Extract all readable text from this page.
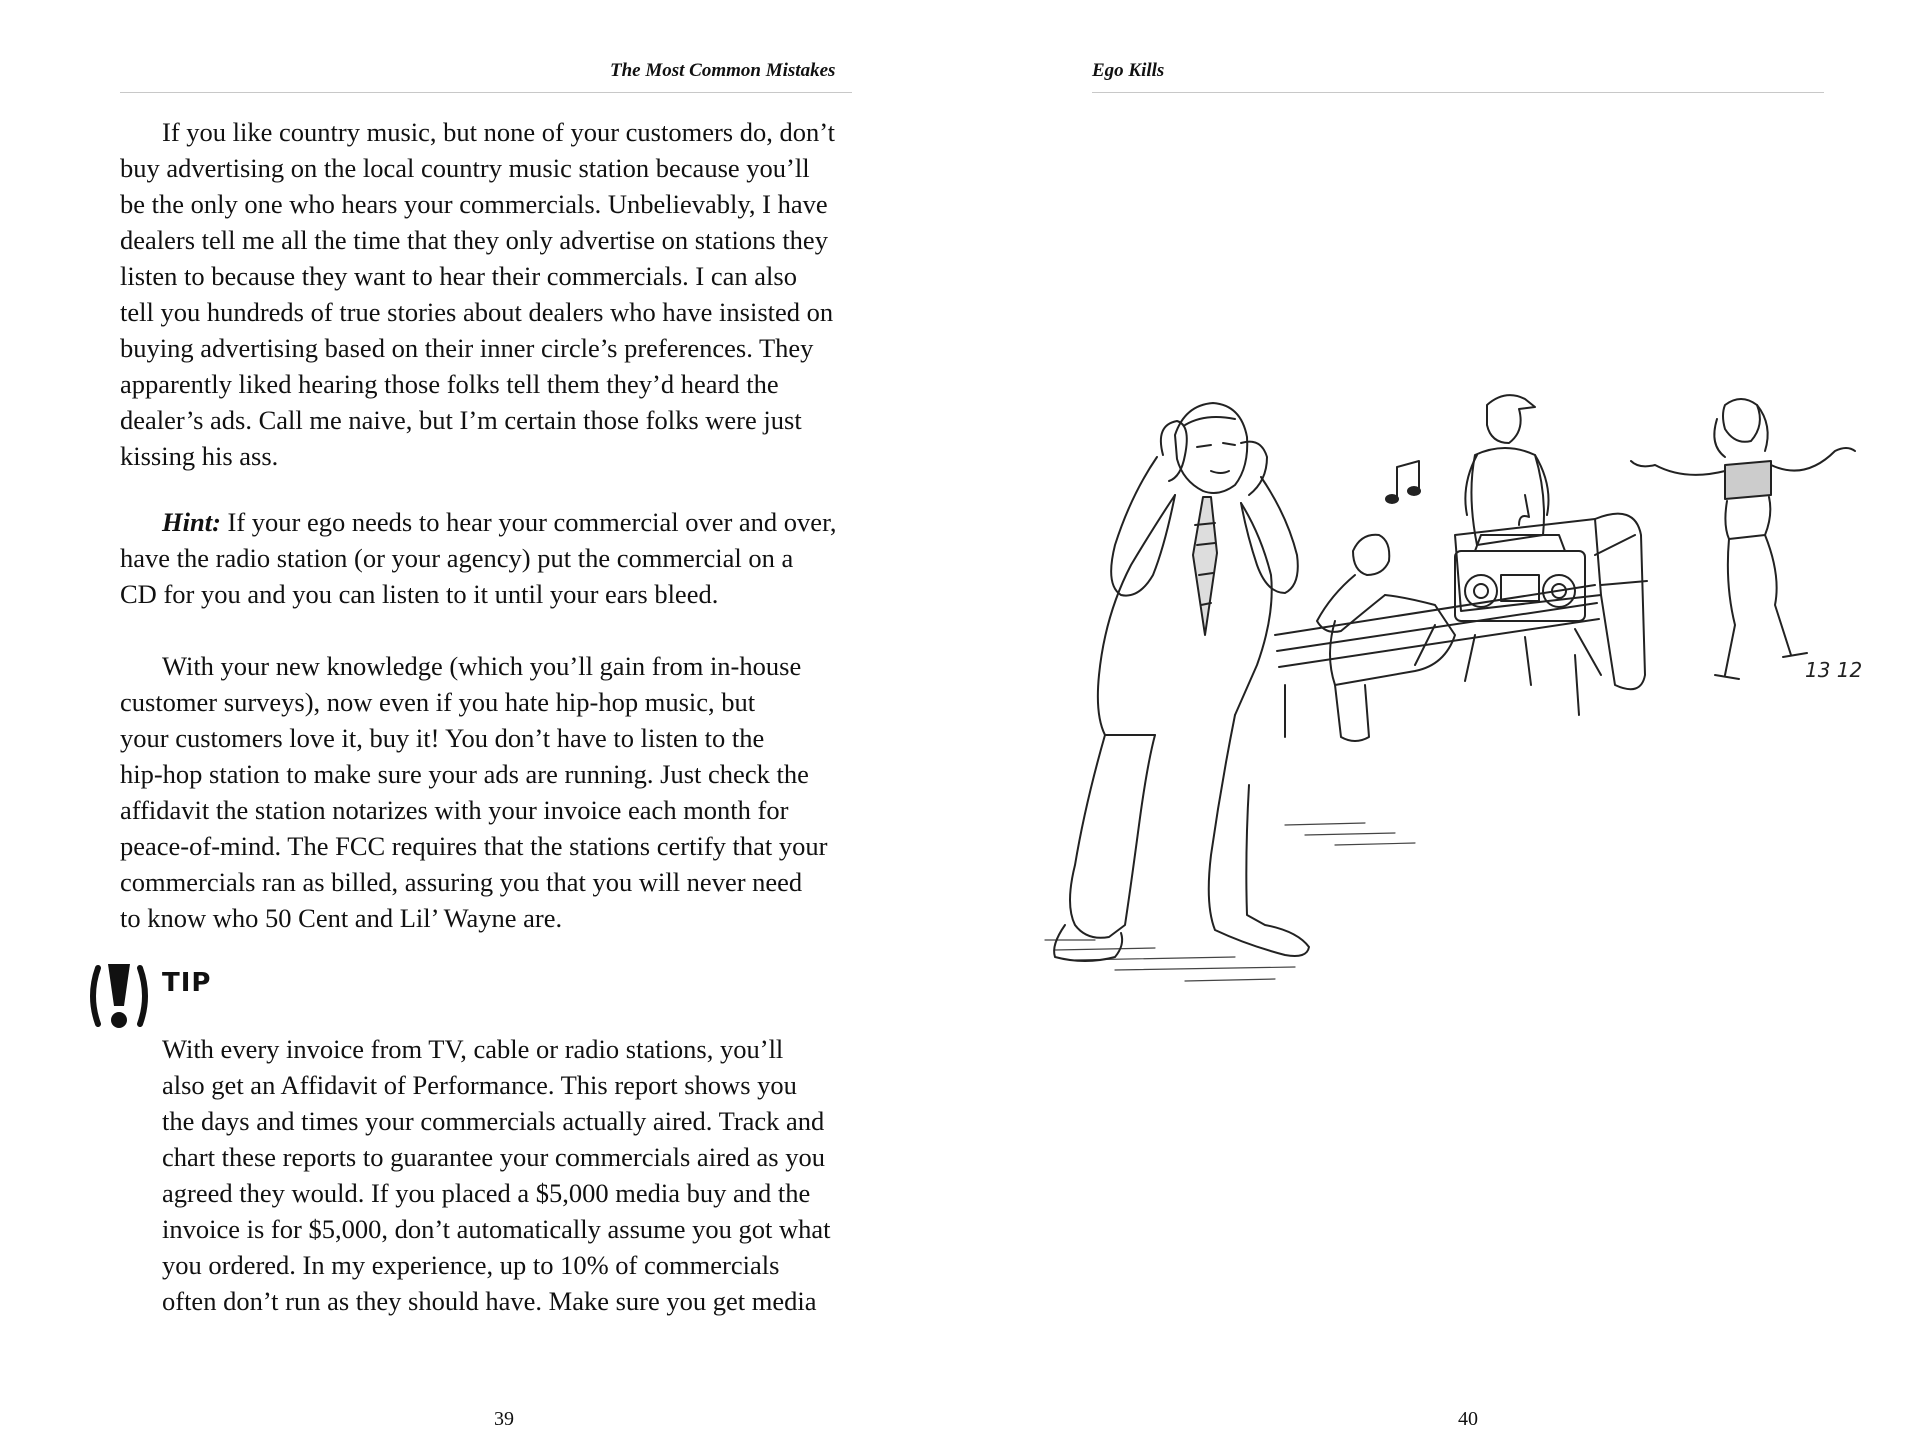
The Most Common Mistakes
If you like country music, but none of your customers do, don’t
buy advertising on the local country music station because you’ll
be the only one who hears your commercials. Unbelievably, I have
dealers tell me all the time that they only advertise on stations they
listen to because they want to hear their commercials. I can also
tell you hundreds of true stories about dealers who have insisted on
buying advertising based on their inner circle’s preferences. They
apparently liked hearing those folks tell them they’d heard the
dealer’s ads. Call me naive, but I’m certain those folks were just
kissing his ass.
Hint: If your ego needs to hear your commercial over and over,
have the radio station (or your agency) put the commercial on a
CD for you and you can listen to it until your ears bleed.
With your new knowledge (which you’ll gain from in-house
customer surveys), now even if you hate hip-hop music, but
your customers love it, buy it! You don’t have to listen to the
hip-hop station to make sure your ads are running. Just check the
affidavit the station notarizes with your invoice each month for
peace-of-mind. The FCC requires that the stations certify that your
commercials ran as billed, assuring you that you will never need
to know who 50 Cent and Lil’ Wayne are.
TIP
With every invoice from TV, cable or radio stations, you’ll
also get an Affidavit of Performance. This report shows you
the days and times your commercials actually aired. Track and
chart these reports to guarantee your commercials aired as you
agreed they would. If you placed a $5,000 media buy and the
invoice is for $5,000, don’t automatically assume you got what
you ordered. In my experience, up to 10% of commercials
often don’t run as they should have. Make sure you get media
39
Ego Kills
40
13 12
